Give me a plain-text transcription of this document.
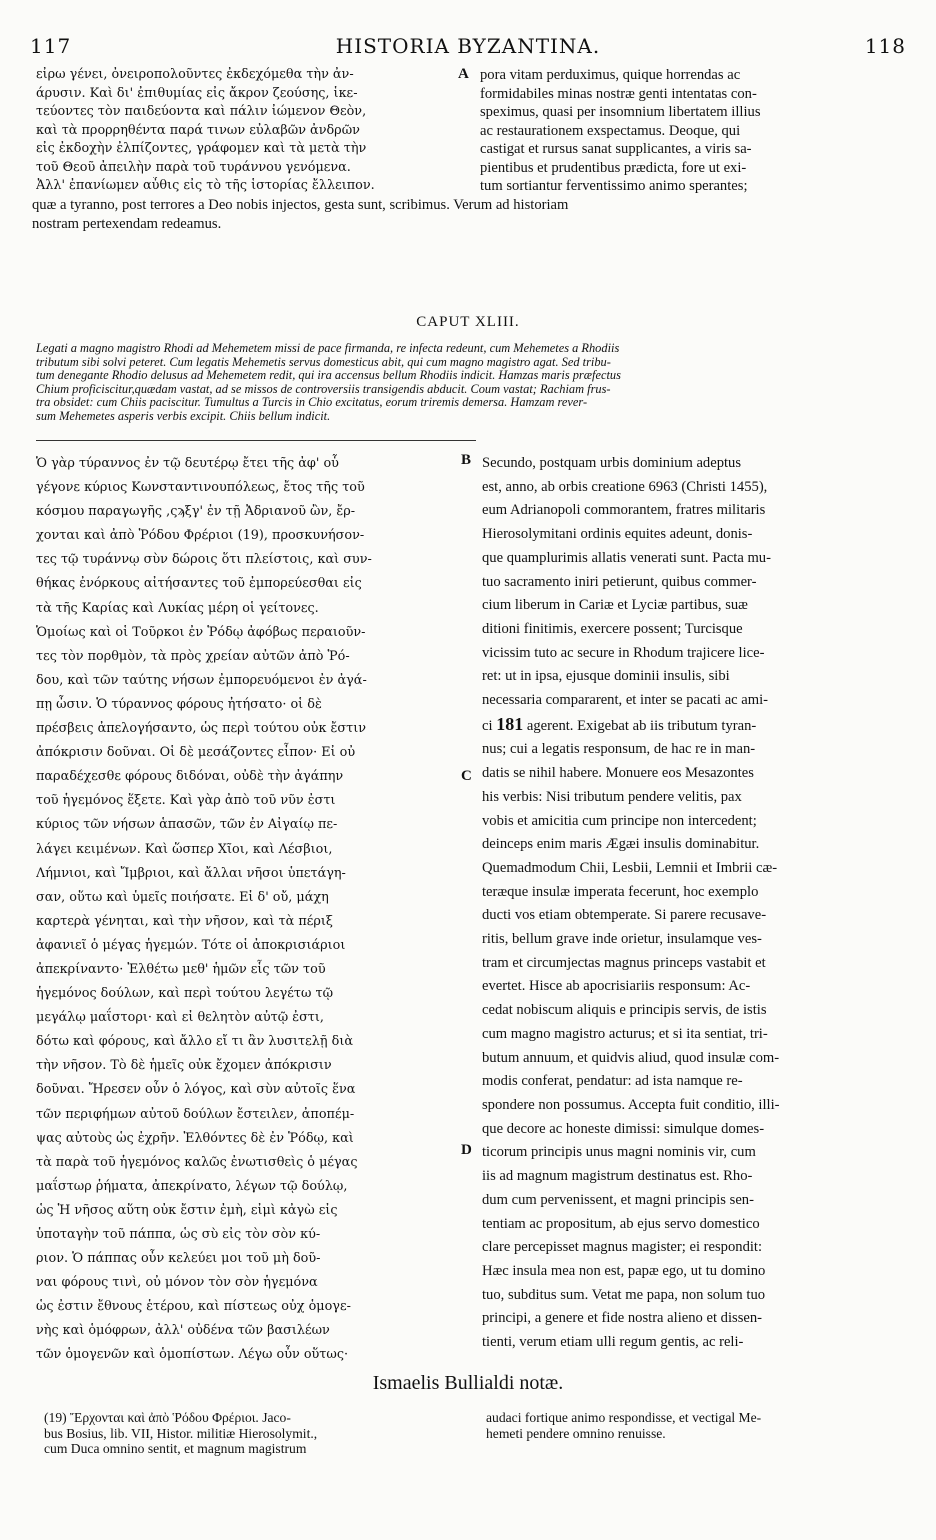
117	HISTORIA BYZANTINA.	118
εἰρω γένει, ὀνειροπολοῦντες ἐκδεχόμεθα τὴν ἀν-
άρυσιν. Καὶ δι' ἐπιθυμίας εἰς ἄκρον ζεούσης, ἱκε-
τεύοντες τὸν παιδεύοντα καὶ πάλιν ἰώμενον Θεὸν,
καὶ τὰ προρρηθέντα παρά τινων εὐλαβῶν ἀνδρῶν
εἰς ἐκδοχὴν ἐλπίζοντες, γράφομεν καὶ τὰ μετὰ τὴν
τοῦ Θεοῦ ἀπειλὴν παρὰ τοῦ τυράννου γενόμενα.
Ἀλλ' ἐπανίωμεν αὖθις εἰς τὸ τῆς ἱστορίας ἔλλειπον.
A pora vitam perduximus, quique horrendas ac
formidabiles minas nostræ genti intentatas con-
speximus, quasi per insomnium libertatem illius
ac restaurationem exspectamus. Deoque, qui
castigat et rursus sanat supplicantes, a viris sa-
pientibus et prudentibus prædicta, fore ut exi-
tum sortiantur ferventissimo animo sperantes;
quæ a tyranno, post terrores a Deo nobis injectos, gesta sunt, scribimus. Verum ad historiam
nostram pertexendam redeamus.
CAPUT XLIII.
Legati a magno magistro Rhodi ad Mehemetem missi de pace firmanda, re infecta redeunt, cum Mehemetes a Rhodiis
tributum sibi solvi peteret. Cum legatis Mehemetis servus domesticus abit, qui cum magno magistro agat. Sed tribu-
tum denegante Rhodio delusus ad Mehemetem redit, qui ira accensus bellum Rhodiis indicit. Hamzas maris præfectus
Chium proficiscitur,quædam vastat, ad se missos de controversiis transigendis abducit. Coum vastat; Rachiam frus-
tra obsidet: cum Chiis paciscitur. Tumultus a Turcis in Chio excitatus, eorum triremis demersa. Hamzam rever-
sum Mehemetes asperis verbis excipit. Chiis bellum indicit.
Ὁ γὰρ τύραννος ἐν τῷ δευτέρῳ ἔτει τῆς ἀφ' οὗ
γέγονε κύριος Κωνσταντινουπόλεως, ἔτος τῆς τοῦ
κόσμου παραγωγῆς ,ςϡξγ' ἐν τῇ Ἀδριανοῦ ὢν, ἔρ-
χονται καὶ ἀπὸ Ῥόδου Φρέριοι (19), προσκυνήσον-
τες τῷ τυράννῳ σὺν δώροις ὅτι πλείστοις, καὶ συν-
θήκας ἐνόρκους αἰτήσαντες τοῦ ἐμπορεύεσθαι εἰς
τὰ τῆς Καρίας καὶ Λυκίας μέρη οἱ γείτονες.
Ὁμοίως καὶ οἱ Τοῦρκοι ἐν Ῥόδῳ ἀφόβως περαιοῦν-
τες τὸν πορθμὸν, τὰ πρὸς χρείαν αὐτῶν ἀπὸ Ῥό-
δου, καὶ τῶν ταύτης νήσων ἐμπορευόμενοι ἐν ἀγά-
πῃ ὦσιν. Ὁ τύραννος φόρους ἠτήσατο· οἱ δὲ
πρέσβεις ἀπελογήσαντο, ὡς περὶ τούτου οὐκ ἔστιν
ἀπόκρισιν δοῦναι. Οἱ δὲ μεσάζοντες εἶπον· Εἰ οὐ
παραδέχεσθε φόρους διδόναι, οὐδὲ τὴν ἀγάπην
τοῦ ἡγεμόνος ἕξετε. Καὶ γὰρ ἀπὸ τοῦ νῦν ἐστι
κύριος τῶν νήσων ἁπασῶν, τῶν ἐν Αἰγαίῳ πε-
λάγει κειμένων. Καὶ ὥσπερ Χῖοι, καὶ Λέσβιοι,
Λήμνιοι, καὶ Ἴμβριοι, καὶ ἄλλαι νῆσοι ὑπετάγη-
σαν, οὕτω καὶ ὑμεῖς ποιήσατε. Εἰ δ' οὔ, μάχη
καρτερὰ γένηται, καὶ τὴν νῆσον, καὶ τὰ πέριξ
ἀφανιεῖ ὁ μέγας ἡγεμών. Τότε οἱ ἀποκρισιάριοι
ἀπεκρίναντο· Ἐλθέτω μεθ' ἡμῶν εἷς τῶν τοῦ
ἡγεμόνος δούλων, καὶ περὶ τούτου λεγέτω τῷ
μεγάλῳ μαΐστορι· καὶ εἰ θελητὸν αὐτῷ ἐστι,
δότω καὶ φόρους, καὶ ἄλλο εἴ τι ἂν λυσιτελῇ διὰ
τὴν νῆσον. Τὸ δὲ ἡμεῖς οὐκ ἔχομεν ἀπόκρισιν
δοῦναι. Ἤρεσεν οὖν ὁ λόγος, καὶ σὺν αὐτοῖς ἕνα
τῶν περιφήμων αὐτοῦ δούλων ἔστειλεν, ἀποπέμ-
ψας αὐτοὺς ὡς ἐχρῆν. Ἐλθόντες δὲ ἐν Ῥόδῳ, καὶ
τὰ παρὰ τοῦ ἡγεμόνος καλῶς ἐνωτισθεὶς ὁ μέγας
μαΐστωρ ῥήματα, ἀπεκρίνατο, λέγων τῷ δούλῳ,
ὡς Ἡ νῆσος αὕτη οὐκ ἔστιν ἐμὴ, εἰμὶ κἀγὼ εἰς
ὑποταγὴν τοῦ πάππα, ὡς σὺ εἰς τὸν σὸν κύ-
ριον. Ὁ πάππας οὖν κελεύει μοι τοῦ μὴ δοῦ-
ναι φόρους τινὶ, οὐ μόνον τὸν σὸν ἡγεμόνα
ὡς ἐστιν ἔθνους ἑτέρου, καὶ πίστεως οὐχ ὁμογε-
νὴς καὶ ὁμόφρων, ἀλλ' οὐδένα τῶν βασιλέων
τῶν ὁμογενῶν καὶ ὁμοπίστων. Λέγω οὖν οὕτως·
B
C
D
Secundo, postquam urbis dominium adeptus
est, anno, ab orbis creatione 6963 (Christi 1455),
eum Adrianopoli commorantem, fratres militaris
Hierosolymitani ordinis equites adeunt, donis-
que quamplurimis allatis venerati sunt. Pacta mu-
tuo sacramento iniri petierunt, quibus commer-
cium liberum in Cariæ et Lyciæ partibus, suæ
ditioni finitimis, exercere possent; Turcisque
vicissim tuto ac secure in Rhodum trajicere lice-
ret: ut in ipsa, ejusque dominii insulis, sibi
necessaria compararent, et inter se pacati ac ami-
ci 181 agerent. Exigebat ab iis tributum tyran-
nus; cui a legatis responsum, de hac re in man-
datis se nihil habere. Monuere eos Mesazontes
his verbis: Nisi tributum pendere velitis, pax
vobis et amicitia cum principe non intercedent;
deinceps enim maris Ægæi insulis dominabitur.
Quemadmodum Chii, Lesbii, Lemnii et Imbrii cæ-
teræque insulæ imperata fecerunt, hoc exemplo
ducti vos etiam obtemperate. Si parere recusave-
ritis, bellum grave inde orietur, insulamque ves-
tram et circumjectas magnus princeps vastabit et
evertet. Hisce ab apocrisiariis responsum: Ac-
cedat nobiscum aliquis e principis servis, de istis
cum magno magistro acturus; et si ita sentiat, tri-
butum annuum, et quidvis aliud, quod insulæ com-
modis conferat, pendatur: ad ista namque re-
spondere non possumus. Accepta fuit conditio, illi-
que decore ac honeste dimissi: simulque domes-
ticorum principis unus magni nominis vir, cum
iis ad magnum magistrum destinatus est. Rho-
dum cum pervenissent, et magni principis sen-
tentiam ac propositum, ab ejus servo domestico
clare percepisset magnus magister; ei respondit:
Hæc insula mea non est, papæ ego, ut tu domino
tuo, subditus sum. Vetat me papa, non solum tuo
principi, a genere et fide nostra alieno et dissen-
tienti, verum etiam ulli regum gentis, ac reli-
Ismaelis Bullialdi notæ.
(19) Ἔρχονται καὶ ἀπὸ Ῥόδου Φρέριοι. Jaco-
bus Bosius, lib. VII, Histor. militiæ Hierosolymit.,
cum Duca omnino sentit, et magnum magistrum
audaci fortique animo respondisse, et vectigal Me-
hemeti pendere omnino renuisse.
